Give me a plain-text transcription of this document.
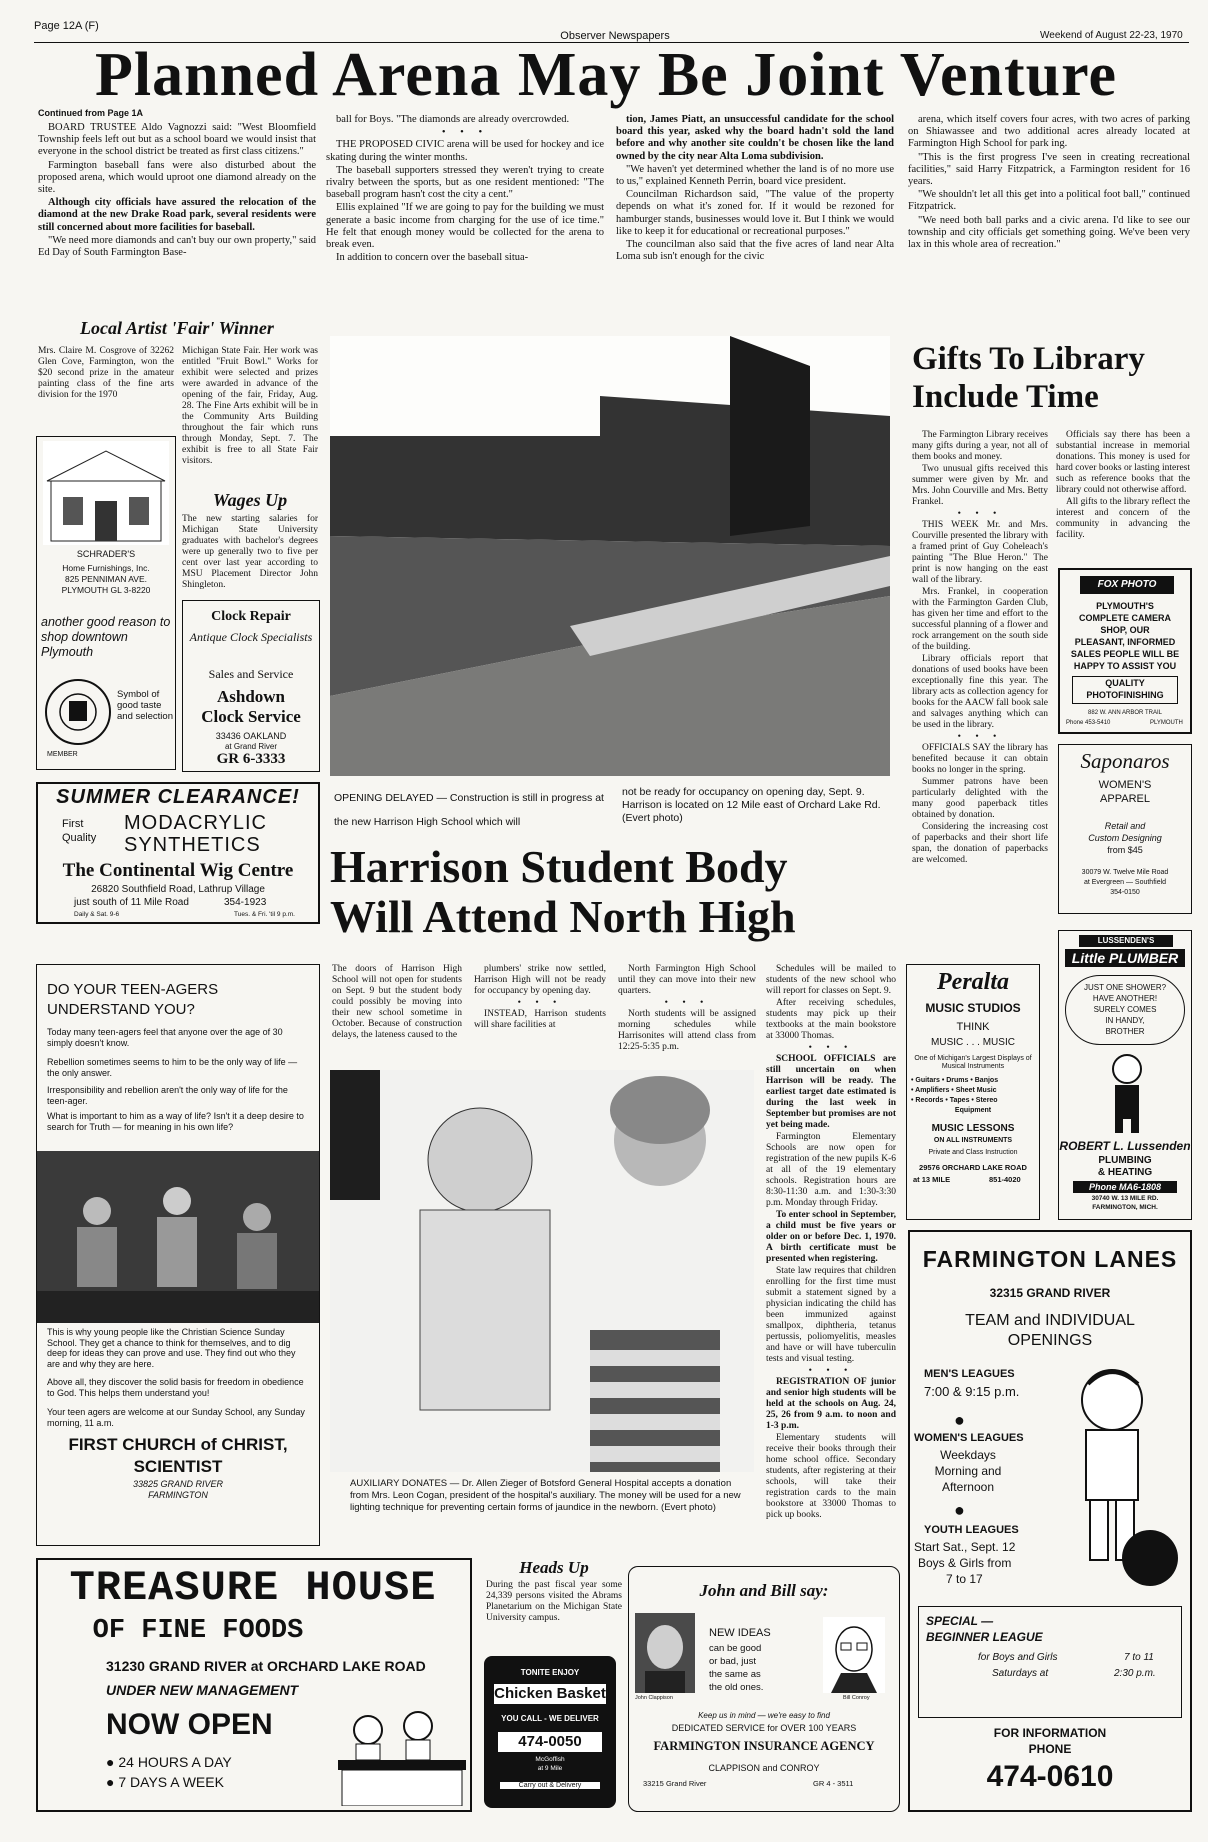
Page 12A (F)
Observer Newspapers	Weekend of August 22-23, 1970
Planned Arena May Be Joint Venture
Continued from Page 1A

BOARD TRUSTEE Aldo Vagnozzi said: "West Bloomfield Township feels left out but as a school board we would insist that everyone in the school district be treated as first class citizens."

Farmington baseball fans were also disturbed about the proposed arena, which would uproot one diamond already on the site.

Although city officials have assured the relocation of the diamond at the new Drake Road park, several residents were still concerned about more facilities for baseball.

"We need more diamonds and can't buy our own property," said Ed Day of South Farmington Base-

ball for Boys. "The diamonds are already overcrowded.

• • •

THE PROPOSED CIVIC arena will be used for hockey and ice skating during the winter months.

The baseball supporters stressed they weren't trying to create rivalry between the sports, but as one resident mentioned: "The baseball program hasn't cost the city a cent."

Ellis explained "If we are going to pay for the building we must generate a basic income from charging for the use of ice time." He felt that enough money would be collected for the arena to break even.

In addition to concern over the baseball situa-

tion, James Piatt, an unsuccessful candidate for the school board this year, asked why the board hadn't sold the land before and why another site couldn't be chosen like the land owned by the city near Alta Loma subdivision.

"We haven't yet determined whether the land is of no more use to us," explained Kenneth Perrin, board vice president.

Councilman Richardson said, "The value of the property depends on what it's zoned for. If it would be rezoned for hamburger stands, businesses would love it. But I think we would like to keep it for educational or recreational purposes."

The councilman also said that the five acres of land near Alta Loma sub isn't enough for the civic

arena, which itself covers four acres, with two acres of parking on Shiawassee and two additional acres already located at Farmington High School for park ing.

"This is the first progress I've seen in creating recreational facilities," said Harry Fitzpatrick, a Farmington resident for 16 years.

"We shouldn't let all this get into a political foot ball," continued Fitzpatrick.

"We need both ball parks and a civic arena. I'd like to see our township and city officials get something going. We've been very lax in this whole area of recreation."

Local Artist 'Fair' Winner
Mrs. Claire M. Cosgrove of 32262 Glen Cove, Farmington, won the $20 second prize in the amateur painting class of the fine arts division for the 1970
Michigan State Fair. Her work was entitled "Fruit Bowl." Works for exhibit were selected and prizes were awarded in advance of the opening of the fair, Friday, Aug. 28. The Fine Arts exhibit will be in the Community Arts Building throughout the fair which runs through Monday, Sept. 7. The exhibit is free to all State Fair visitors.
Wages Up
The new starting salaries for Michigan State University graduates with bachelor's degrees were up generally two to five per cent over last year according to MSU Placement Director John Shingleton.
SCHRADER'S
Home Furnishings, Inc.
825 PENNIMAN AVE.
PLYMOUTH GL 3-8220
another good reason to shop downtown Plymouth
Symbol of good taste and selection
MEMBER
Clock Repair
Antique Clock Specialists
Sales and Service
Ashdown
Clock Service
33436 OAKLAND
at Grand River
GR 6-3333
SUMMER CLEARANCE!
First
Quality
MODACRYLIC
SYNTHETICS
The Continental Wig Centre
26820 Southfield Road, Lathrup Village
just south of 11 Mile Road	354-1923
Daily & Sat. 9-6	Tues. & Fri. 'til 9 p.m.
OPENING DELAYED — Construction is still in progress at the new Harrison High School which will
not be ready for occupancy on opening day, Sept. 9. Harrison is located on 12 Mile east of Orchard Lake Rd. (Evert photo)
Harrison Student Body
Will Attend North High
Gifts To Library
Include Time

The Farmington Library receives many gifts during a year, not all of them books and money.

Two unusual gifts received this summer were given by Mr. and Mrs. John Courville and Mrs. Betty Frankel.

• • •

THIS WEEK Mr. and Mrs. Courville presented the library with a framed print of Guy Coheleach's painting "The Blue Heron." The print is now hanging on the east wall of the library.

Mrs. Frankel, in cooperation with the Farmington Garden Club, has given her time and effort to the successful planning of a flower and rock arrangement on the south side of the building.

Library officials report that donations of used books have been exceptionally fine this year. The library acts as collection agency for books for the AACW fall book sale and salvages anything which can be used in the library.

• • •

OFFICIALS SAY the library has benefited because it can obtain books no longer in the spring.

Summer patrons have been particularly delighted with the many good paperback titles obtained by donation.

Considering the increasing cost of paperbacks and their short life span, the donation of paperbacks are welcomed.

Officials say there has been a substantial increase in memorial donations. This money is used for hard cover books or lasting interest such as reference books that the library could not otherwise afford.

All gifts to the library reflect the interest and concern of the community in advancing the facility.

FOX PHOTO
PLYMOUTH'S
COMPLETE CAMERA
SHOP, OUR
PLEASANT, INFORMED
SALES PEOPLE WILL BE
HAPPY TO ASSIST YOU
QUALITY
PHOTOFINISHING
882 W. ANN ARBOR TRAIL
Phone 453-5410	PLYMOUTH
Saponaros
WOMEN'S
APPAREL
Retail and
Custom Designing
from $45
30079 W. Twelve Mile Road
at Evergreen — Southfield
354-0150
DO YOUR TEEN-AGERS
UNDERSTAND YOU?
Today many teen-agers feel that anyone over the age of 30 simply doesn't know.
Rebellion sometimes seems to him to be the only way of life — the only answer.
Irresponsibility and rebellion aren't the only way of life for the teen-ager.
What is important to him as a way of life? Isn't it a deep desire to search for Truth — for meaning in his own life?
This is why young people like the Christian Science Sunday School. They get a chance to think for themselves, and to dig deep for ideas they can prove and use. They find out who they are and why they are here.
Above all, they discover the solid basis for freedom in obedience to God. This helps them understand you!
Your teen agers are welcome at our Sunday School, any Sunday morning, 11 a.m.
FIRST CHURCH of CHRIST,
SCIENTIST
33825 GRAND RIVER
FARMINGTON
The doors of Harrison High School will not open for students on Sept. 9 but the student body could possibly be moving into their new school sometime in October. Because of construction delays, the lateness caused to the

plumbers' strike now settled, Harrison High will not be ready for occupancy by opening day.

• • •

INSTEAD, Harrison students will share facilities at

North Farmington High School until they can move into their new quarters.

• • •

North students will be assigned morning schedules while Harrisonites will attend class from 12:25-5:35 p.m.

Schedules will be mailed to students of the new school who will report for classes on Sept. 9.

After receiving schedules, students may pick up their textbooks at the main bookstore at 33000 Thomas.

• • •

SCHOOL OFFICIALS are still uncertain on when Harrison will be ready. The earliest target date estimated is during the last week in September but promises are not yet being made.

Farmington Elementary Schools are now open for registration of the new pupils K-6 at all of the 19 elementary schools. Registration hours are 8:30-11:30 a.m. and 1:30-3:30 p.m. Monday through Friday.

To enter school in September, a child must be five years or older on or before Dec. 1, 1970. A birth certificate must be presented when registering.

State law requires that children enrolling for the first time must submit a statement signed by a physician indicating the child has been immunized against smallpox, diphtheria, tetanus pertussis, poliomyelitis, measles and have or will have tuberculin tests and visual testing.

• • •

REGISTRATION OF junior and senior high students will be held at the schools on Aug. 24, 25, 26 from 9 a.m. to noon and 1-3 p.m.

Elementary students will receive their books through their home school office. Secondary students, after registering at their schools, will take their registration cards to the main bookstore at 33000 Thomas to pick up books.

AUXILIARY DONATES — Dr. Allen Zieger of Botsford General Hospital accepts a donation from Mrs. Leon Cogan, president of the hospital's auxiliary. The money will be used for a new lighting technique for preventing certain forms of jaundice in the newborn. (Evert photo)
Peralta
MUSIC STUDIOS
THINK
MUSIC . . . MUSIC
One of Michigan's Largest Displays of Musical Instruments
• Guitars • Drums • Banjos
• Amplifiers • Sheet Music
• Records • Tapes • Stereo
Equipment
MUSIC LESSONS
ON ALL INSTRUMENTS
Private and Class Instruction
29576 ORCHARD LAKE ROAD
at 13 MILE	851-4020
LUSSENDEN'S
Little PLUMBER
JUST ONE SHOWER?
HAVE ANOTHER!
SURELY COMES
IN HANDY,
BROTHER
ROBERT L. Lussenden
PLUMBING
& HEATING
Phone MA6-1808
30740 W. 13 MILE RD.
FARMINGTON, MICH.
FARMINGTON LANES
32315 GRAND RIVER
TEAM and INDIVIDUAL
OPENINGS
MEN'S LEAGUES
7:00 & 9:15 p.m.
●
WOMEN'S LEAGUES
Weekdays
Morning and
Afternoon
●
YOUTH LEAGUES
Start Sat., Sept. 12
Boys & Girls from
7 to 17
SPECIAL —
BEGINNER LEAGUE
for Boys and Girls	7 to 11
Saturdays at	2:30 p.m.
FOR INFORMATION
PHONE
474-0610
TREASURE HOUSE
OF FINE FOODS
31230 GRAND RIVER at ORCHARD LAKE ROAD
UNDER NEW MANAGEMENT
NOW OPEN
● 24 HOURS A DAY
● 7 DAYS A WEEK
Heads Up
During the past fiscal year some 24,339 persons visited the Abrams Planetarium on the Michigan State University campus.
TONITE ENJOY
Chicken Basket
YOU CALL - WE DELIVER
474-0050
McGoffish
at 9 Mile
Carry out & Delivery
John and Bill say:
John Clappison
NEW IDEAS
can be good
or bad, just
the same as
the old ones.
Bill Conroy
Keep us in mind — we're easy to find
DEDICATED SERVICE for OVER 100 YEARS
FARMINGTON INSURANCE AGENCY
CLAPPISON and CONROY
33215 Grand River	GR 4 - 3511
